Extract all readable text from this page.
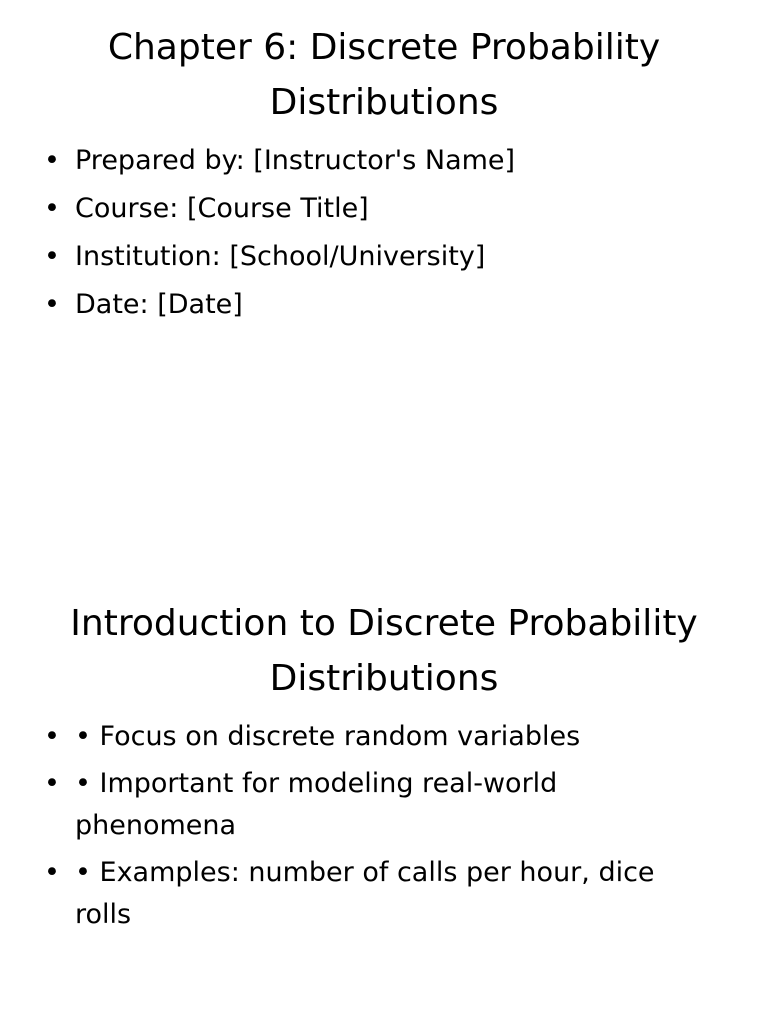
Chapter 6: Discrete Probability Distributions
• Prepared by: [Instructor's Name]
• Course: [Course Title]
• Institution: [School/University]
• Date: [Date]
Introduction to Discrete Probability Distributions
• • Focus on discrete random variables
• • Important for modeling real-world phenomena
• • Examples: number of calls per hour, dice rolls
